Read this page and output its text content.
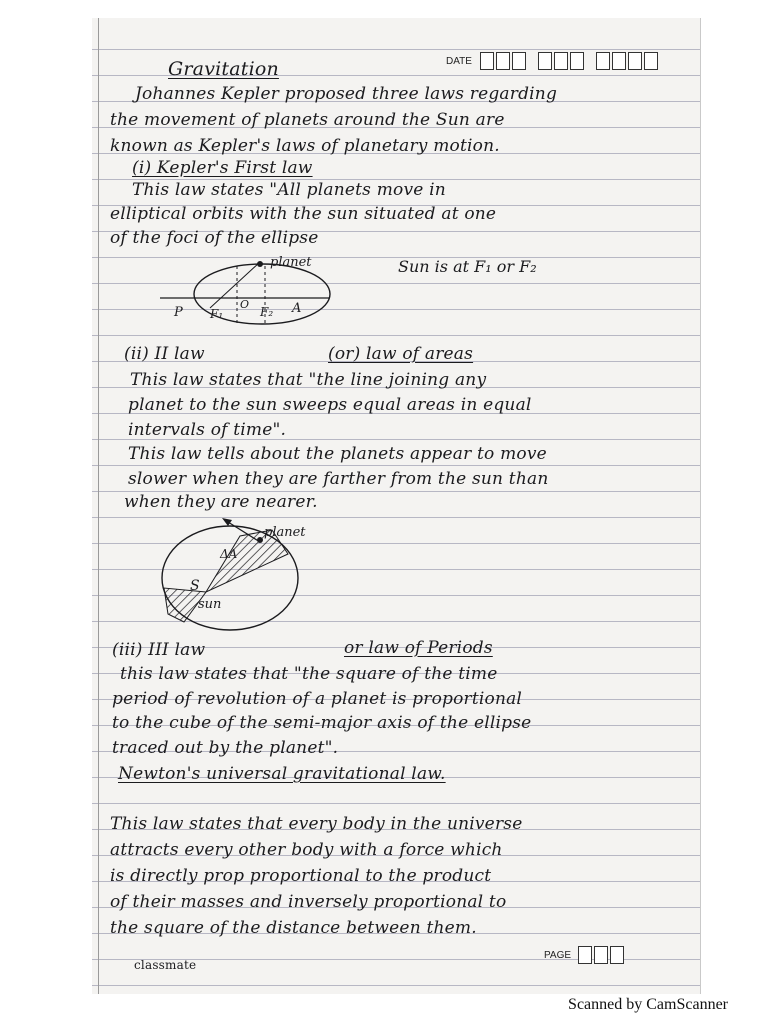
DATE
Gravitation
Johannes Kepler proposed three laws regarding
the movement of planets around the Sun are
known as Kepler's laws of planetary motion.
(i) Kepler's First law
This law states "All planets move in
elliptical orbits with the sun situated at one
of the foci of the ellipse
planet	Sun is at F₁ or F₂
P F₁
O
F₂ A
(ii) II law	(or) law of areas
This law states that "the line joining any
planet to the sun sweeps equal areas in equal
intervals of time".
This law tells about the planets appear to move
slower when they are farther from the sun than
when they are nearer.
planet
ΔA
S
sun
(iii) III law	or law of Periods
this law states that "the square of the time
period of revolution of a planet is proportional
to the cube of the semi-major axis of the ellipse
traced out by the planet".
Newton's universal gravitational law.
This law states that every body in the universe
attracts every other body with a force which
is directly prop proportional to the product
of their masses and inversely proportional to
the square of the distance between them.
classmate
PAGE
Scanned by CamScanner
